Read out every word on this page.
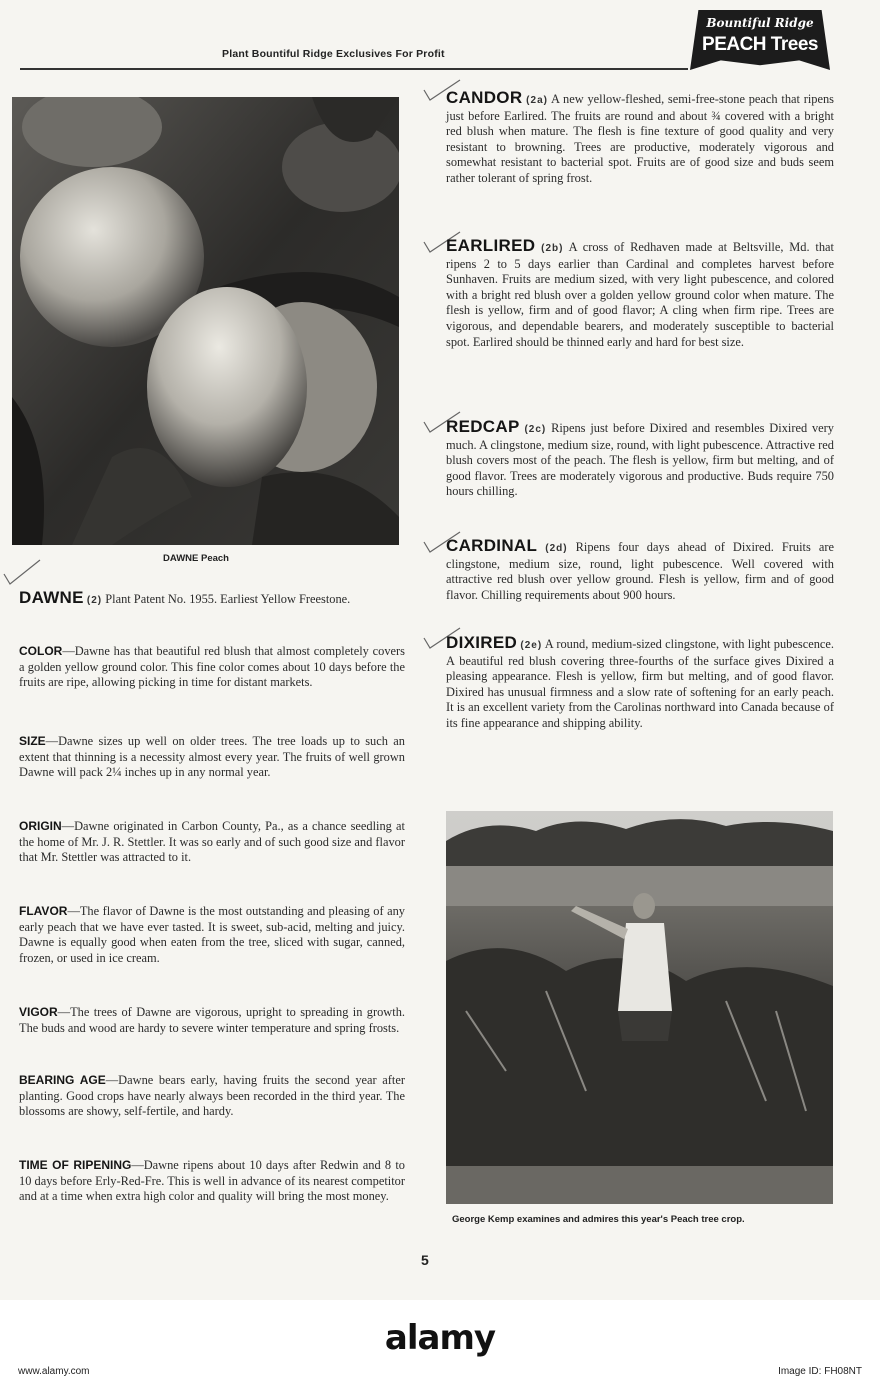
Plant Bountiful Ridge Exclusives For Profit
Bountiful Ridge
PEACH Trees
DAWNE Peach

DAWNE (2) Plant Patent No. 1955. Earliest Yellow Freestone.

COLOR—Dawne has that beautiful red blush that almost completely covers a golden yellow ground color. This fine color comes about 10 days before the fruits are ripe, allowing picking in time for distant markets.

SIZE—Dawne sizes up well on older trees. The tree loads up to such an extent that thinning is a necessity almost every year. The fruits of well grown Dawne will pack 2¼ inches up in any normal year.

ORIGIN—Dawne originated in Carbon County, Pa., as a chance seedling at the home of Mr. J. R. Stettler. It was so early and of such good size and flavor that Mr. Stettler was attracted to it.

FLAVOR—The flavor of Dawne is the most outstanding and pleasing of any early peach that we have ever tasted. It is sweet, sub-acid, melting and juicy. Dawne is equally good when eaten from the tree, sliced with sugar, canned, frozen, or used in ice cream.

VIGOR—The trees of Dawne are vigorous, upright to spreading in growth. The buds and wood are hardy to severe winter temperature and spring frosts.

BEARING AGE—Dawne bears early, having fruits the second year after planting. Good crops have nearly always been recorded in the third year. The blossoms are showy, self-fertile, and hardy.

TIME OF RIPENING—Dawne ripens about 10 days after Redwin and 8 to 10 days before Erly-Red-Fre. This is well in advance of its nearest competitor and at a time when extra high color and quality will bring the most money.

CANDOR (2a) A new yellow-fleshed, semi-free-stone peach that ripens just before Earlired. The fruits are round and about ¾ covered with a bright red blush when mature. The flesh is fine texture of good quality and very resistant to browning. Trees are productive, moderately vigorous and somewhat resistant to bacterial spot. Fruits are of good size and buds seem rather tolerant of spring frost.

EARLIRED (2b) A cross of Redhaven made at Beltsville, Md. that ripens 2 to 5 days earlier than Cardinal and completes harvest before Sunhaven. Fruits are medium sized, with very light pubescence, and colored with a bright red blush over a golden yellow ground color when mature. The flesh is yellow, firm and of good flavor; A cling when firm ripe. Trees are vigorous, and dependable bearers, and moderately susceptible to bacterial spot. Earlired should be thinned early and hard for best size.

REDCAP (2c) Ripens just before Dixired and resembles Dixired very much. A clingstone, medium size, round, with light pubescence. Attractive red blush covers most of the peach. The flesh is yellow, firm but melting, and of good flavor. Trees are moderately vigorous and productive. Buds require 750 hours chilling.

CARDINAL (2d) Ripens four days ahead of Dixired. Fruits are clingstone, medium size, round, light pubescence. Well covered with attractive red blush over yellow ground. Flesh is yellow, firm and of good flavor. Chilling requirements about 900 hours.

DIXIRED (2e) A round, medium-sized clingstone, with light pubescence. A beautiful red blush covering three-fourths of the surface gives Dixired a pleasing appearance. Flesh is yellow, firm but melting, and of good flavor. Dixired has unusual firmness and a slow rate of softening for an early peach. It is an excellent variety from the Carolinas northward into Canada because of its fine appearance and shipping ability.

George Kemp examines and admires this year's Peach tree crop.
5
alamy
www.alamy.com	Image ID: FH08NT
